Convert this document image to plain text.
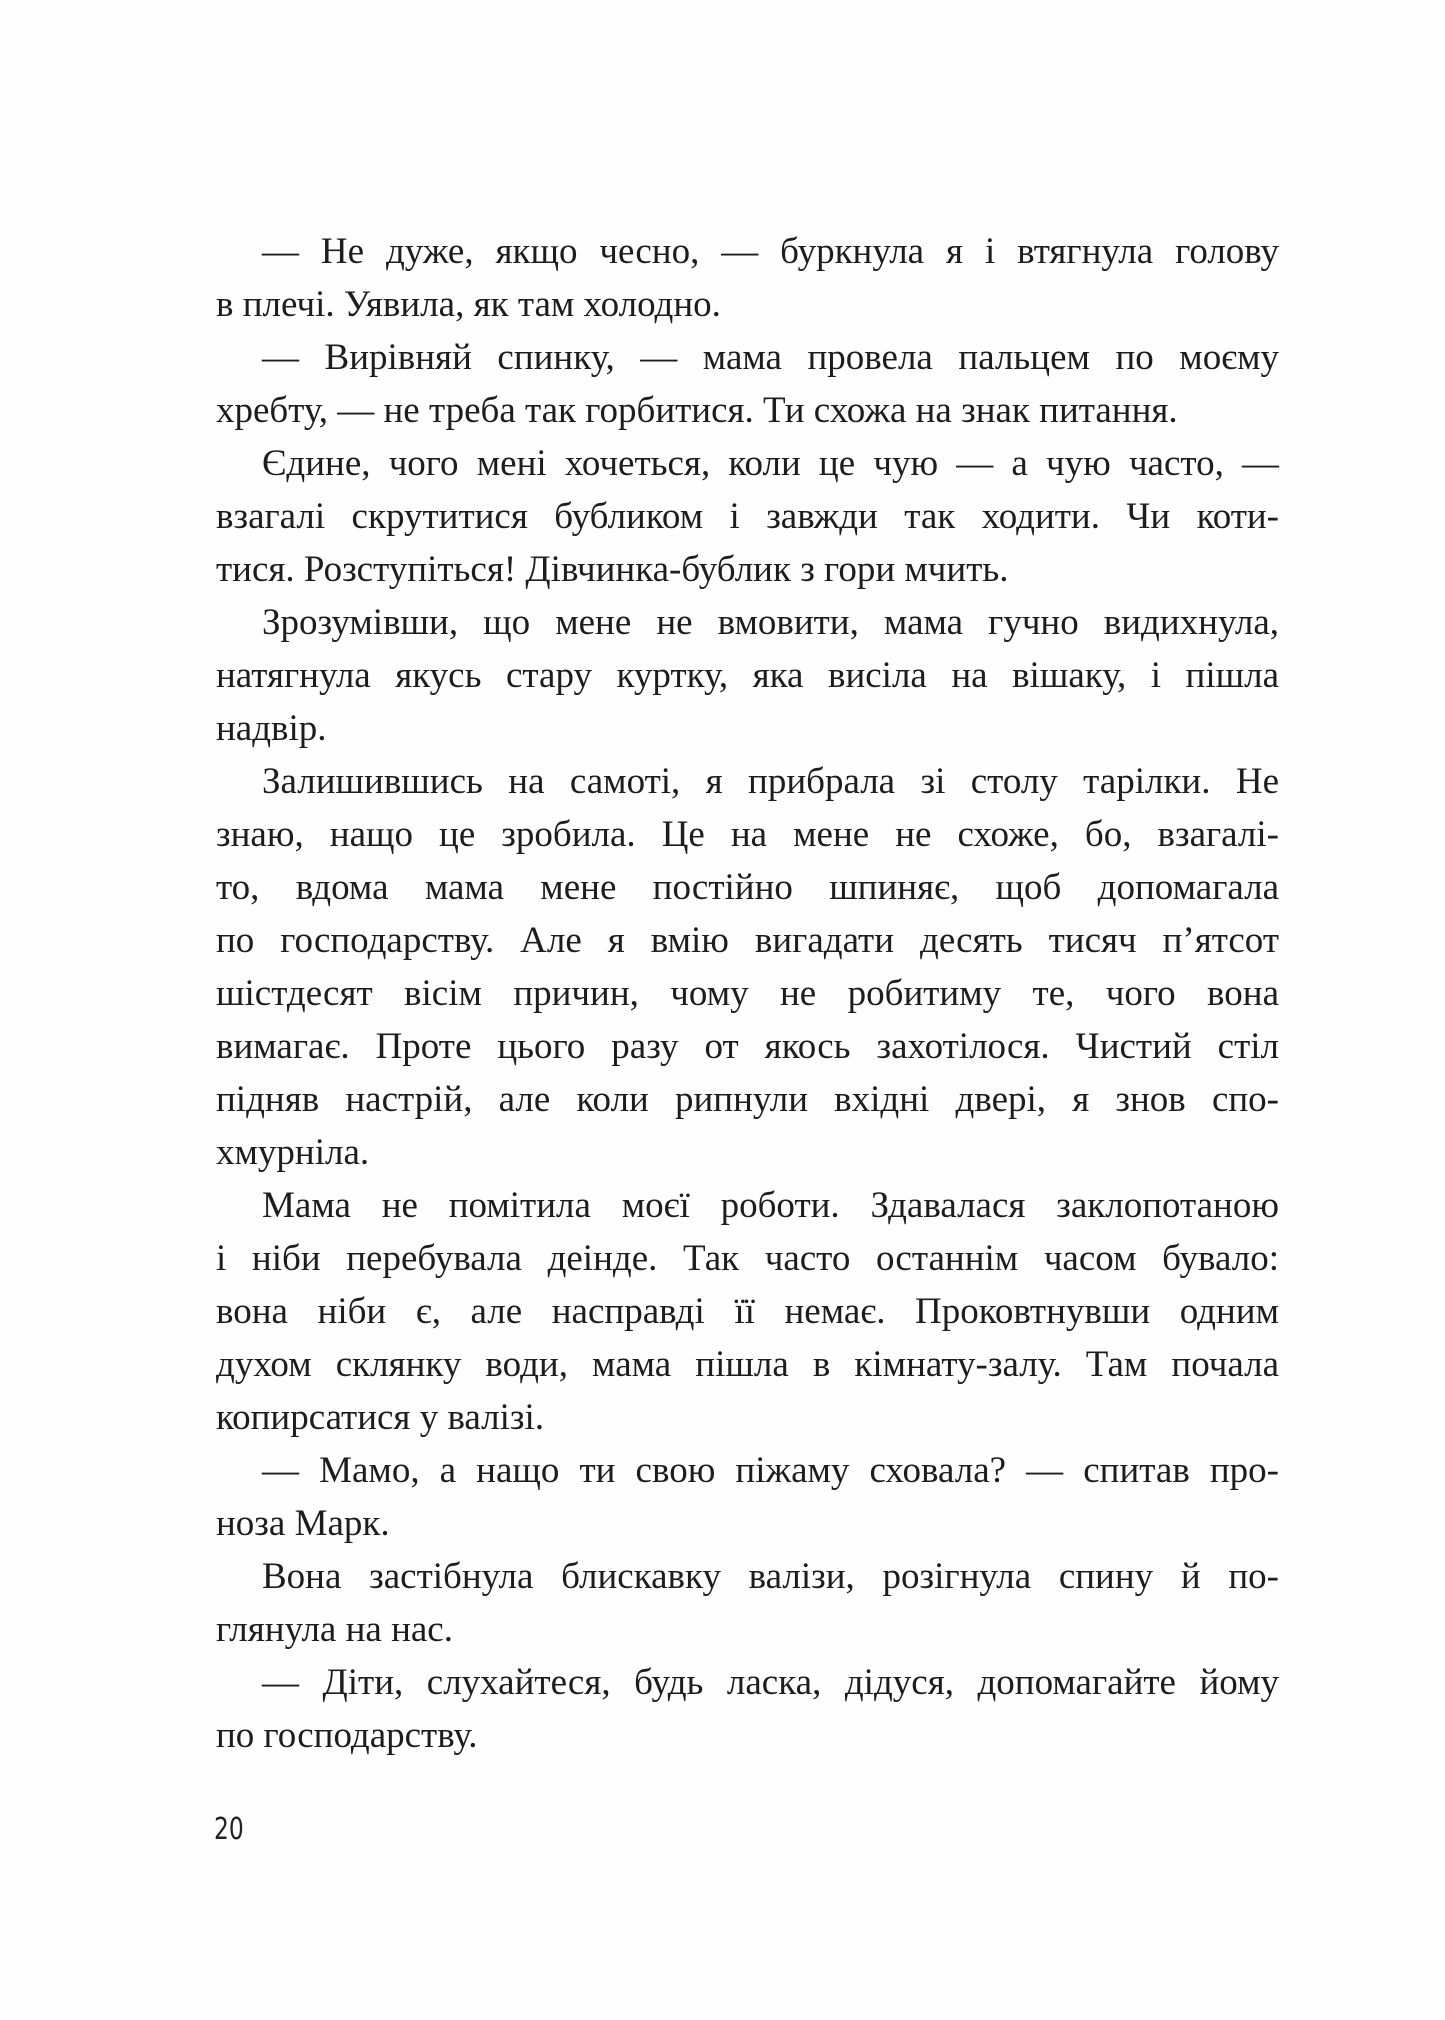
— Не дуже, якщо чесно, — буркнула я і втягнула голову
в плечі. Уявила, як там холодно.
— Вирівняй спинку, — мама провела пальцем по моєму
хребту, — не треба так горбитися. Ти схожа на знак питання.
Єдине, чого мені хочеться, коли це чую — а чую часто, —
взагалі скрутитися бубликом і завжди так ходити. Чи коти-
тися. Розступіться! Дівчинка-бублик з гори мчить.
Зрозумівши, що мене не вмовити, мама гучно видихнула,
натягнула якусь стару куртку, яка висіла на вішаку, і пішла
надвір.
Залишившись на самоті, я прибрала зі столу тарілки. Не
знаю, нащо це зробила. Це на мене не схоже, бо, взагалі-
то, вдома мама мене постійно шпиняє, щоб допомагала
по господарству. Але я вмію вигадати десять тисяч п’ятсот
шістдесят вісім причин, чому не робитиму те, чого вона
вимагає. Проте цього разу от якось захотілося. Чистий стіл
підняв настрій, але коли рипнули вхідні двері, я знов спо-
хмурніла.
Мама не помітила моєї роботи. Здавалася заклопотаною
і ніби перебувала деінде. Так часто останнім часом бувало:
вона ніби є, але насправді її немає. Проковтнувши одним
духом склянку води, мама пішла в кімнату-залу. Там почала
копирсатися у валізі.
— Мамо, а нащо ти свою піжаму сховала? — спитав про-
ноза Марк.
Вона застібнула блискавку валізи, розігнула спину й по-
глянула на нас.
— Діти, слухайтеся, будь ласка, дідуся, допомагайте йому
по господарству.
20
